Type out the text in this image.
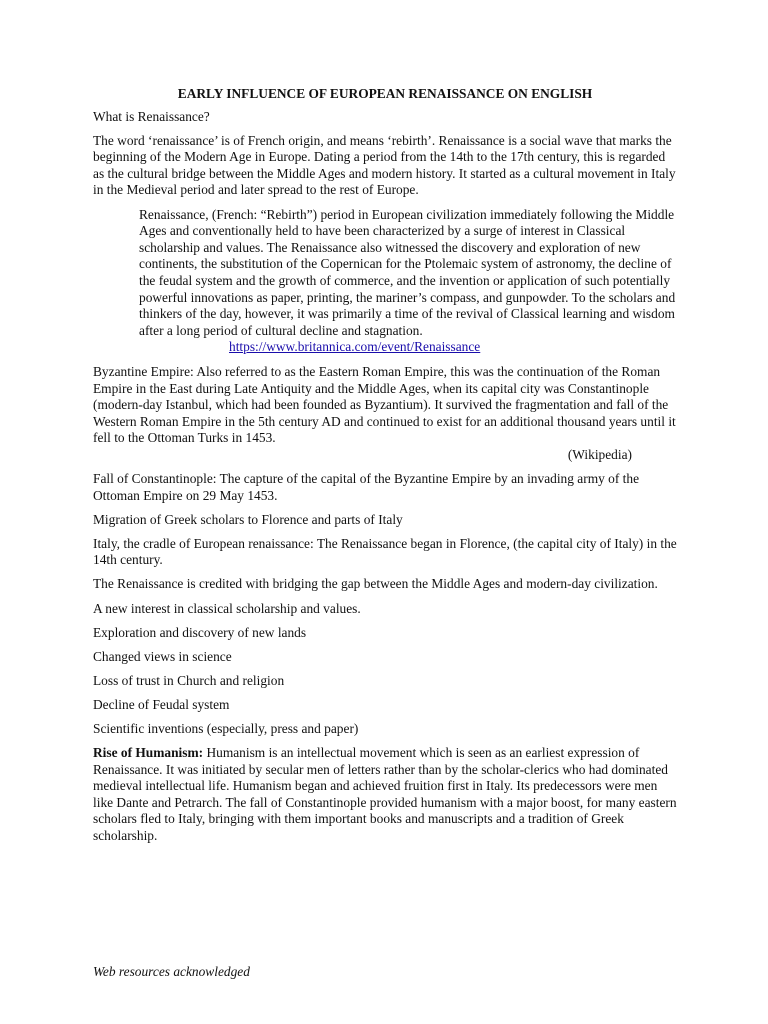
EARLY INFLUENCE OF EUROPEAN RENAISSANCE ON ENGLISH

What is Renaissance?

The word ‘renaissance’ is of French origin, and means ‘rebirth’. Renaissance is a social wave that marks the beginning of the Modern Age in Europe. Dating a period from the 14th to the 17th century, this is regarded as the cultural bridge between the Middle Ages and modern history. It started as a cultural movement in Italy in the Medieval period and later spread to the rest of Europe.

Renaissance, (French: “Rebirth”) period in European civilization immediately following the Middle Ages and conventionally held to have been characterized by a surge of interest in Classical scholarship and values. The Renaissance also witnessed the discovery and exploration of new continents, the substitution of the Copernican for the Ptolemaic system of astronomy, the decline of the feudal system and the growth of commerce, and the invention or application of such potentially powerful innovations as paper, printing, the mariner’s compass, and gunpowder. To the scholars and thinkers of the day, however, it was primarily a time of the revival of Classical learning and wisdom after a long period of cultural decline and stagnation. https://www.britannica.com/event/Renaissance

Byzantine Empire: Also referred to as the Eastern Roman Empire, this was the continuation of the Roman Empire in the East during Late Antiquity and the Middle Ages, when its capital city was Constantinople (modern-day Istanbul, which had been founded as Byzantium). It survived the fragmentation and fall of the Western Roman Empire in the 5th century AD and continued to exist for an additional thousand years until it fell to the Ottoman Turks in 1453.

(Wikipedia)

Fall of Constantinople: The capture of the capital of the Byzantine Empire by an invading army of the Ottoman Empire on 29 May 1453.

Migration of Greek scholars to Florence and parts of Italy

Italy, the cradle of European renaissance: The Renaissance began in Florence, (the capital city of Italy) in the 14th century.

The Renaissance is credited with bridging the gap between the Middle Ages and modern-day civilization.

A new interest in classical scholarship and values.

Exploration and discovery of new lands

Changed views in science

Loss of trust in Church and religion

Decline of Feudal system

Scientific inventions (especially, press and paper)

Rise of Humanism: Humanism is an intellectual movement which is seen as an earliest expression of Renaissance. It was initiated by secular men of letters rather than by the scholar-clerics who had dominated medieval intellectual life. Humanism began and achieved fruition first in Italy. Its predecessors were men like Dante and Petrarch. The fall of Constantinople provided humanism with a major boost, for many eastern scholars fled to Italy, bringing with them important books and manuscripts and a tradition of Greek scholarship.

Web resources acknowledged
